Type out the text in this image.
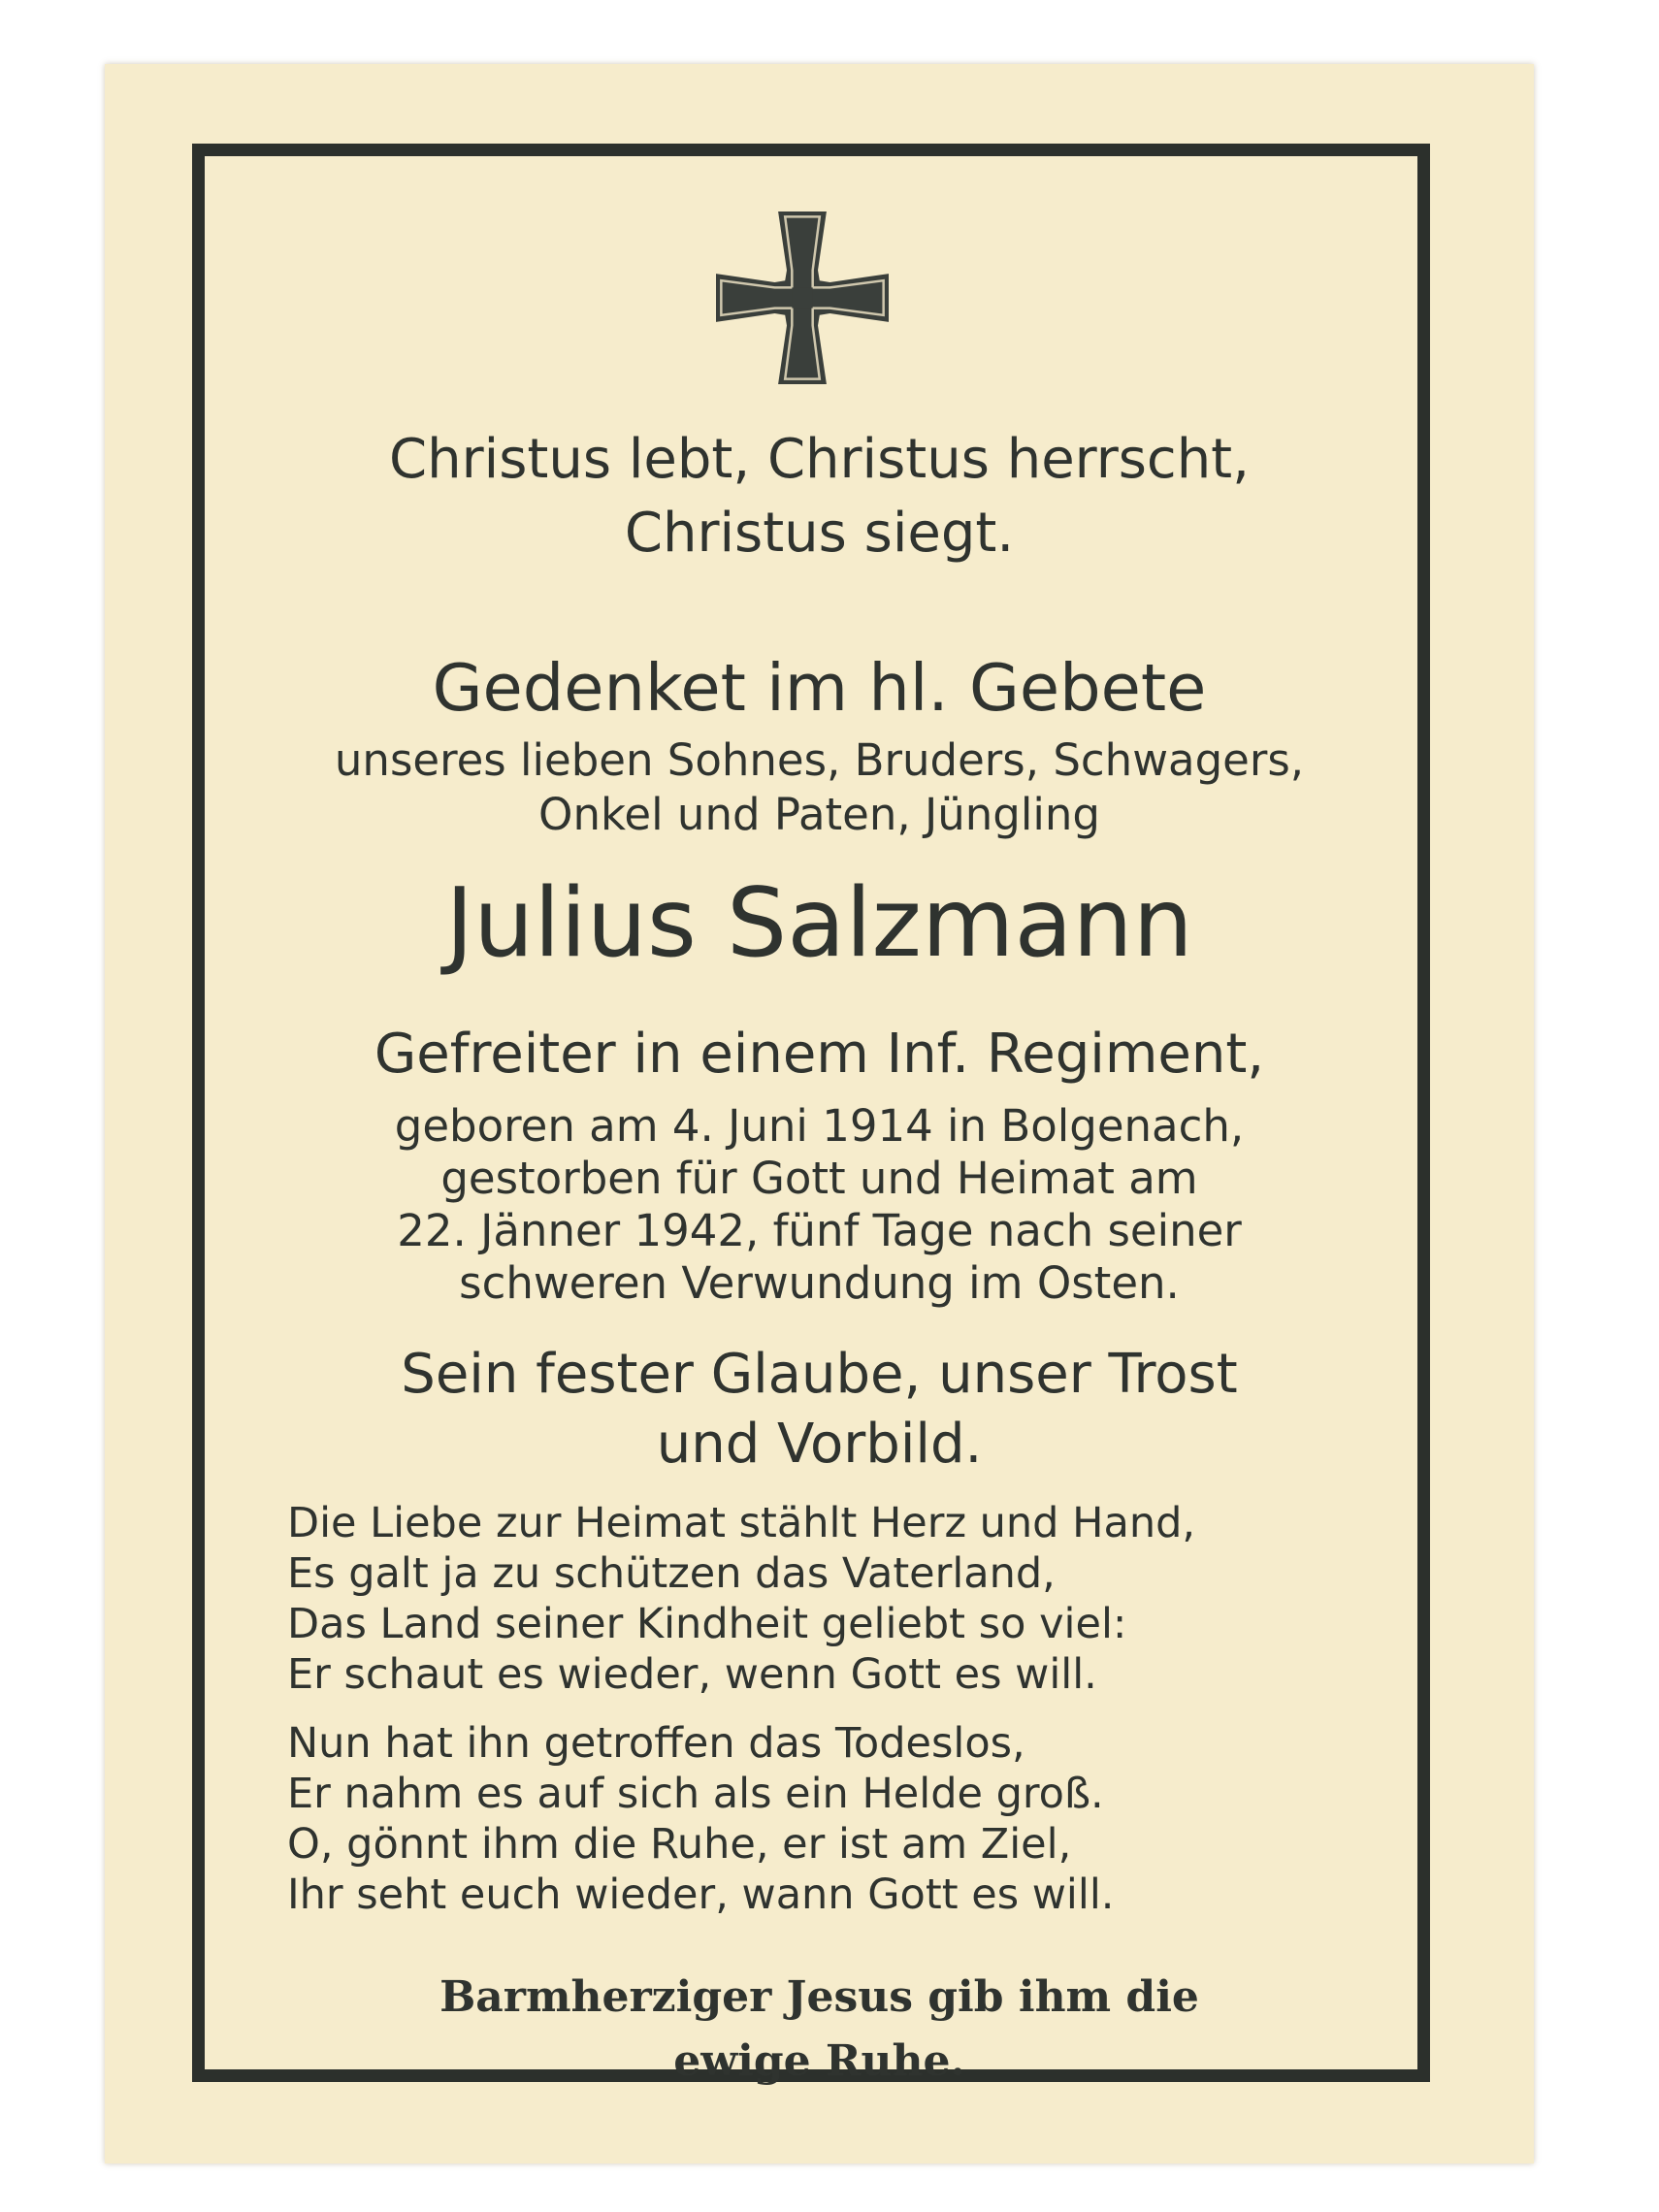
Christus lebt, Christus herrscht,
Christus siegt.
Gedenket im hl. Gebete
unseres lieben Sohnes, Bruders, Schwagers,
Onkel und Paten, Jüngling
Julius Salzmann
Gefreiter in einem Inf. Regiment,
geboren am 4. Juni 1914 in Bolgenach,
gestorben für Gott und Heimat am
22. Jänner 1942, fünf Tage nach seiner
schweren Verwundung im Osten.
Sein fester Glaube, unser Trost
und Vorbild.
Die Liebe zur Heimat stählt Herz und Hand,
Es galt ja zu schützen das Vaterland,
Das Land seiner Kindheit geliebt so viel:
Er schaut es wieder, wenn Gott es will.
Nun hat ihn getroffen das Todeslos,
Er nahm es auf sich als ein Helde groß.
O, gönnt ihm die Ruhe, er ist am Ziel,
Ihr seht euch wieder, wann Gott es will.
Barmherziger Jesus gib ihm die
ewige Ruhe.
